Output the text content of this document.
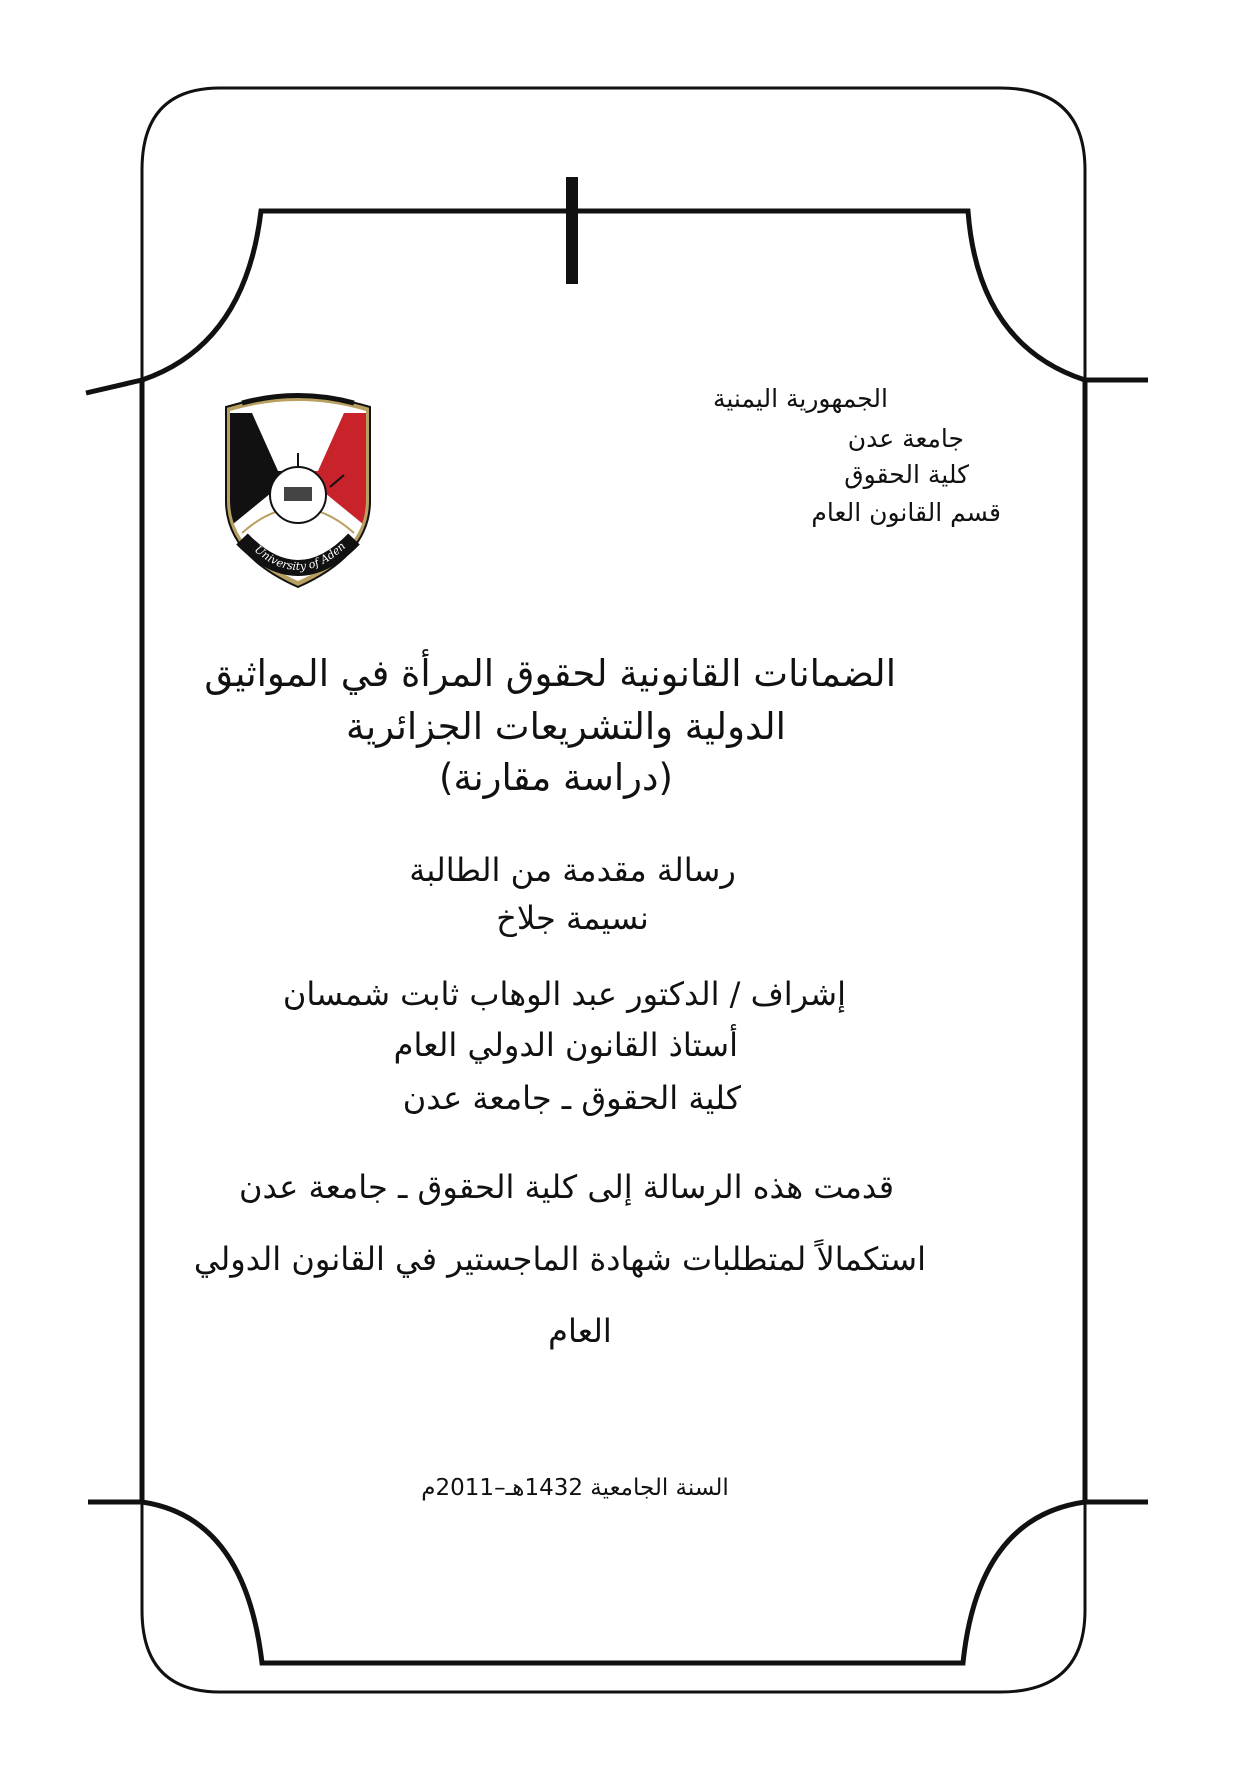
الجمهورية اليمنية
جامعة عدن
كلية الحقوق
قسم القانون العام
University of Aden
الضمانات القانونية لحقوق المرأة في المواثيق
الدولية والتشريعات الجزائرية
(دراسة مقارنة)
رسالة مقدمة من الطالبة
نسيمة جلاخ
إشراف / الدكتور عبد الوهاب ثابت شمسان
أستاذ القانون الدولي العام
كلية الحقوق ـ جامعة عدن
قدمت هذه الرسالة إلى كلية الحقوق ـ جامعة عدن
استكمالاً لمتطلبات شهادة الماجستير في القانون الدولي
العام
السنة الجامعية 1432هـ–2011م
